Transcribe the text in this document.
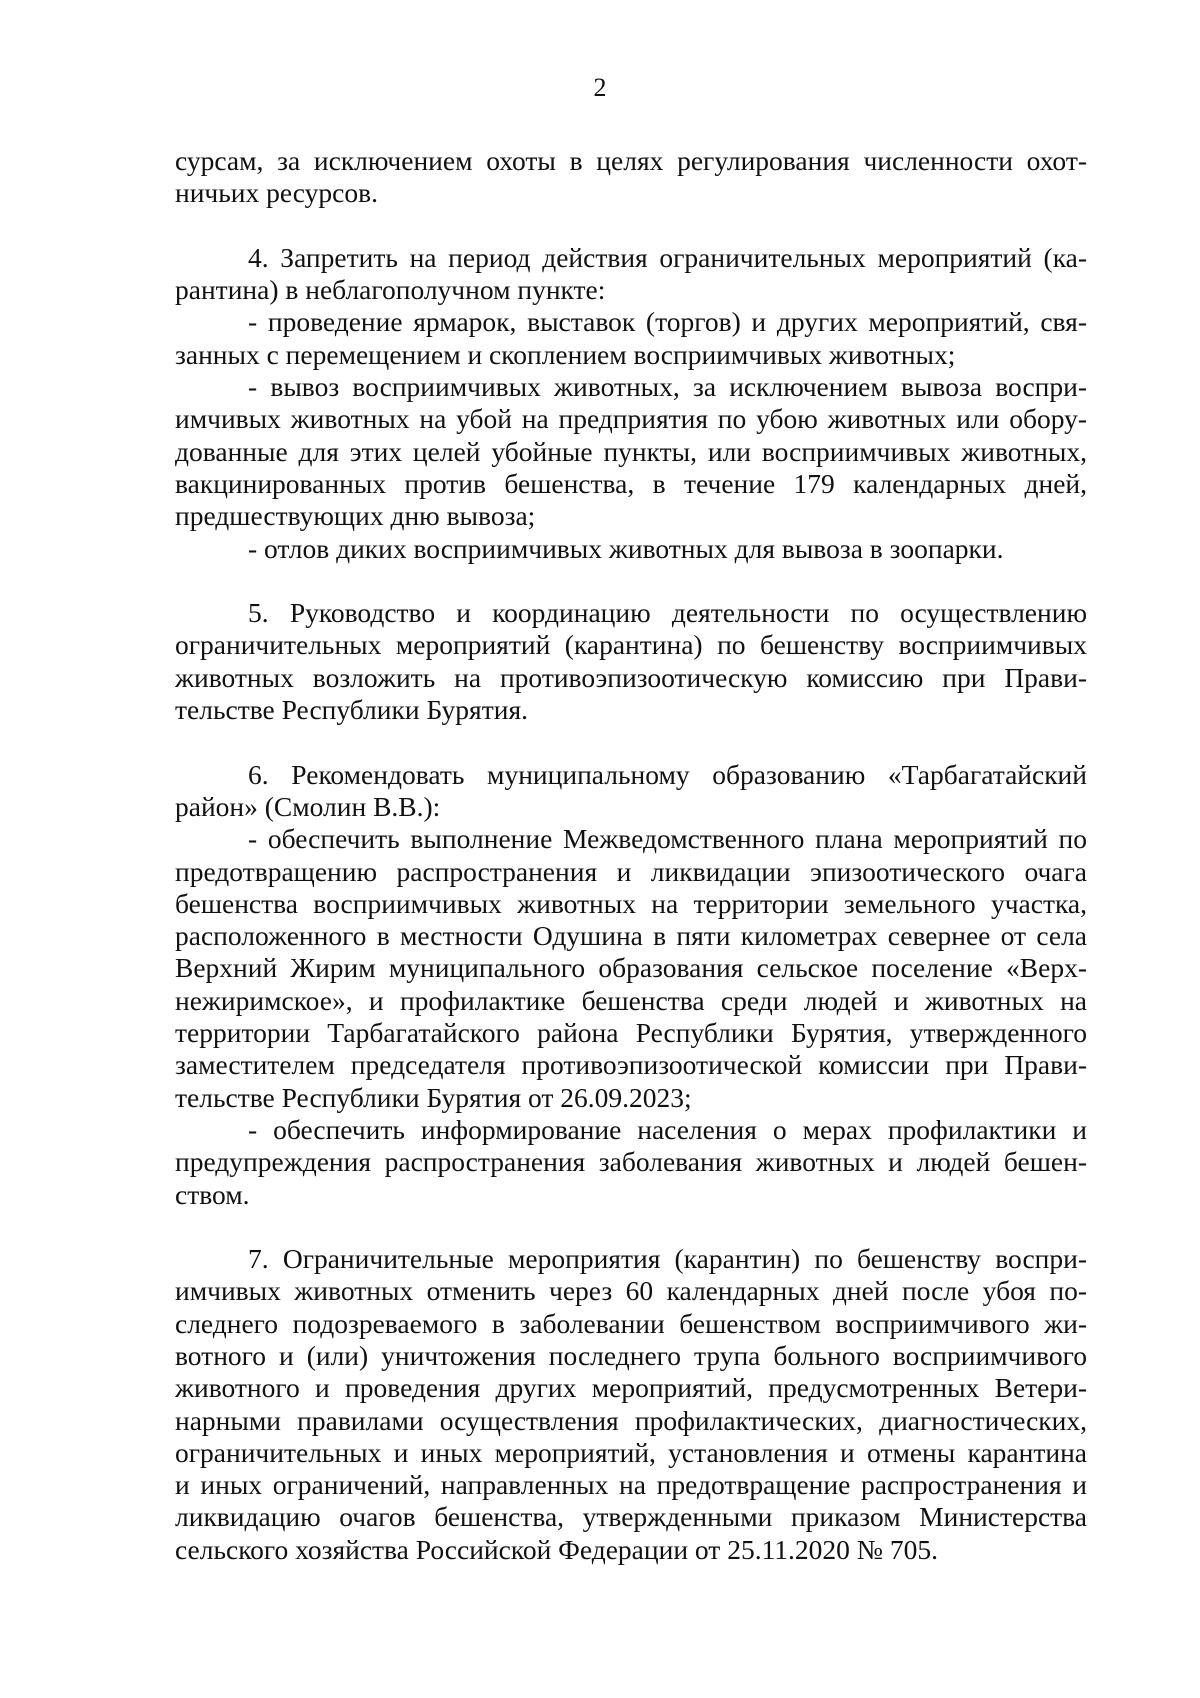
2
сурсам, за исключением охоты в целях регулирования численности охот-
ничьих ресурсов.
4. Запретить на период действия ограничительных мероприятий (ка-
рантина) в неблагополучном пункте:
- проведение ярмарок, выставок (торгов) и других мероприятий, свя-
занных с перемещением и скоплением восприимчивых животных;
- вывоз восприимчивых животных, за исключением вывоза воспри-
имчивых животных на убой на предприятия по убою животных или обору-
дованные для этих целей убойные пункты, или восприимчивых животных,
вакцинированных против бешенства, в течение 179 календарных дней,
предшествующих дню вывоза;
- отлов диких восприимчивых животных для вывоза в зоопарки.
5. Руководство и координацию деятельности по осуществлению
ограничительных мероприятий (карантина) по бешенству восприимчивых
животных возложить на противоэпизоотическую комиссию при Прави-
тельстве Республики Бурятия.
6. Рекомендовать муниципальному образованию «Тарбагатайский
район» (Смолин В.В.):
- обеспечить выполнение Межведомственного плана мероприятий по
предотвращению распространения и ликвидации эпизоотического очага
бешенства восприимчивых животных на территории земельного участка,
расположенного в местности Одушина в пяти километрах севернее от села
Верхний Жирим муниципального образования сельское поселение «Верх-
нежиримское», и профилактике бешенства среди людей и животных на
территории Тарбагатайского района Республики Бурятия, утвержденного
заместителем председателя противоэпизоотической комиссии при Прави-
тельстве Республики Бурятия от 26.09.2023;
- обеспечить информирование населения о мерах профилактики и
предупреждения распространения заболевания животных и людей бешен-
ством.
7. Ограничительные мероприятия (карантин) по бешенству воспри-
имчивых животных отменить через 60 календарных дней после убоя по-
следнего подозреваемого в заболевании бешенством восприимчивого жи-
вотного и (или) уничтожения последнего трупа больного восприимчивого
животного и проведения других мероприятий, предусмотренных Ветери-
нарными правилами осуществления профилактических, диагностических,
ограничительных и иных мероприятий, установления и отмены карантина
и иных ограничений, направленных на предотвращение распространения и
ликвидацию очагов бешенства, утвержденными приказом Министерства
сельского хозяйства Российской Федерации от 25.11.2020 № 705.
